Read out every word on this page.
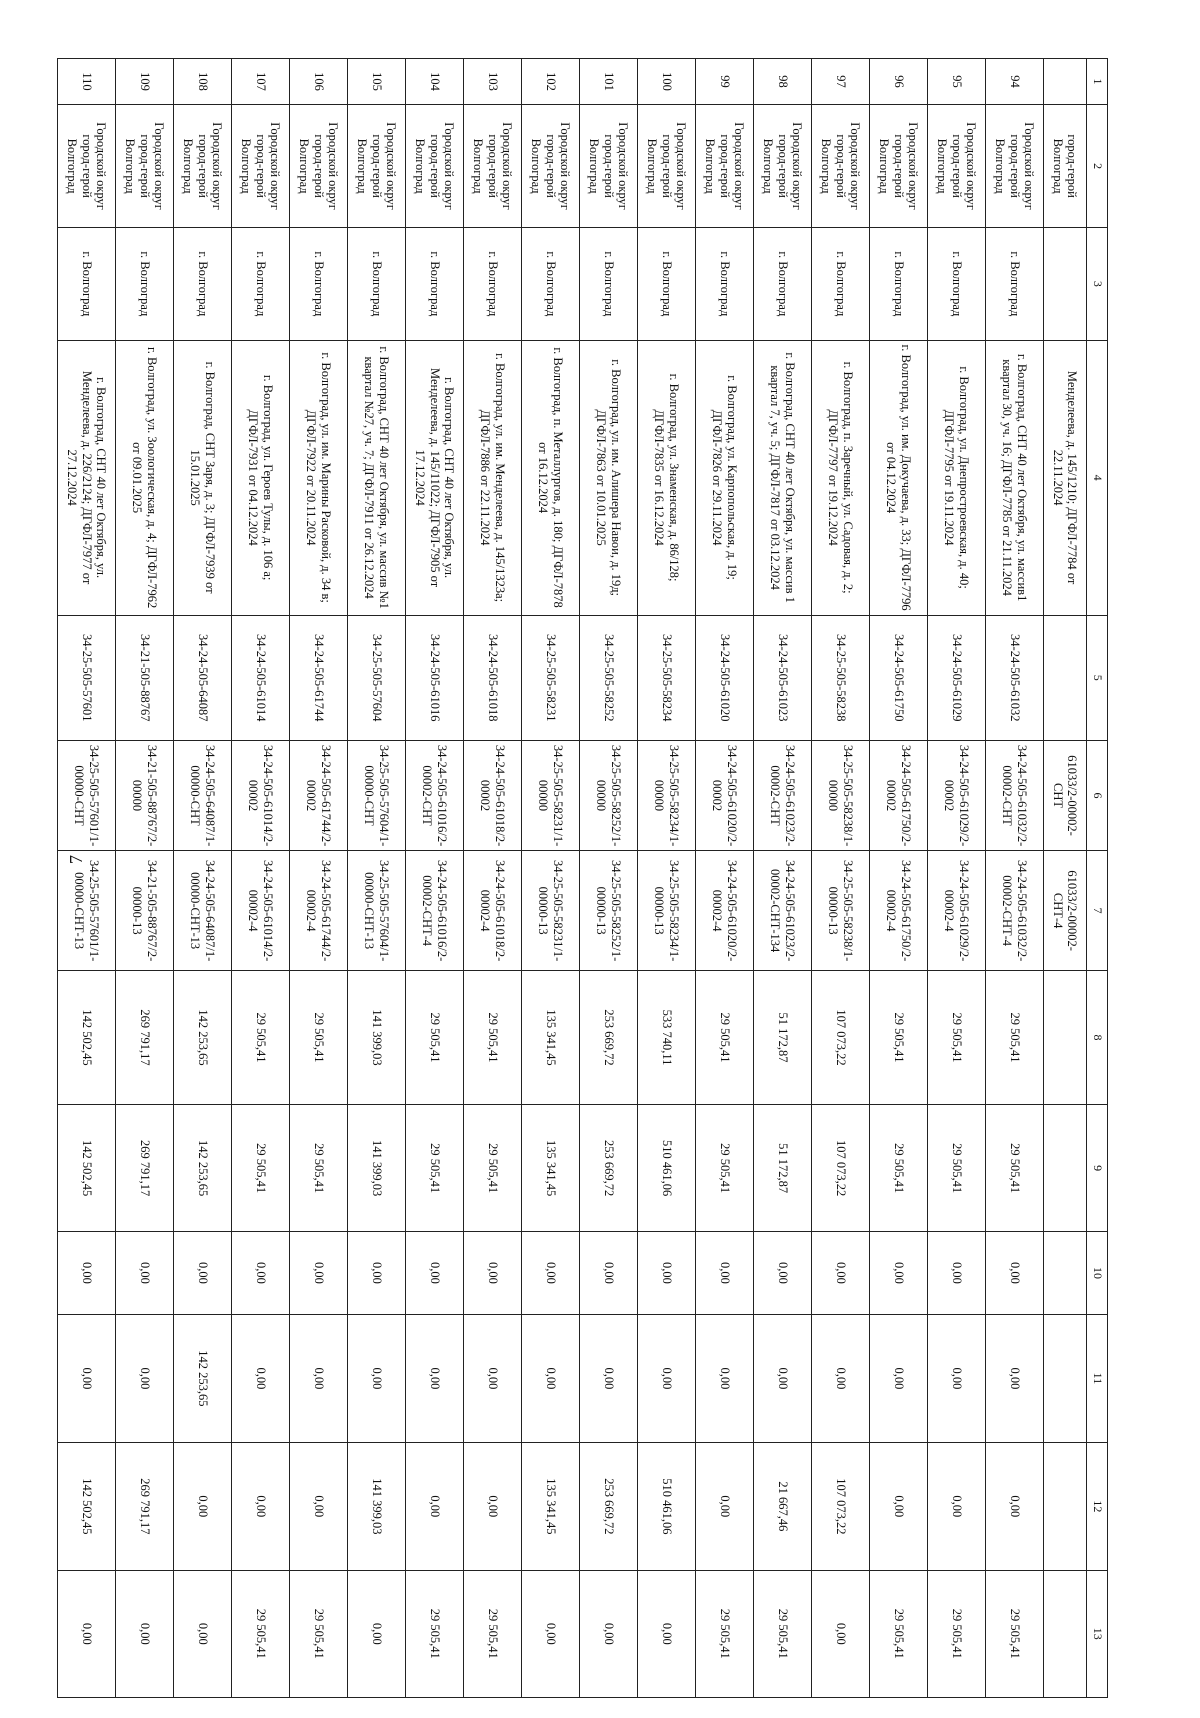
7
1	2	3	4	5	6	7	8	9	10	11	12	13
	город-герой Волгоград		Менделеева, д. 145/1210; ДГФЛ-7784 от 22.11.2024		61033/2-00002-СНТ	61033/2-00002-СНТ-4						
94	Городской округ город-герой Волгоград	г. Волгоград	г. Волгоград, СНТ 40 лет Октября, ул. массив1 квартал 30, уч. 16; ДГФЛ-7785 от 21.11.2024	34-24-505-61032	34-24-505-61032/2-00002-СНТ	34-24-505-61032/2-00002-СНТ-4	29 505,41	29 505,41	0,00	0,00	0,00	29 505,41
95	Городской округ город-герой Волгоград	г. Волгоград	г. Волгоград, ул. Днепростроевская, д. 40; ДГФЛ-7795 от 19.11.2024	34-24-505-61029	34-24-505-61029/2-00002	34-24-505-61029/2-00002-4	29 505,41	29 505,41	0,00	0,00	0,00	29 505,41
96	Городской округ город-герой Волгоград	г. Волгоград	г. Волгоград, ул. им. Докучаева, д. 33; ДГФЛ-7796 от 04.12.2024	34-24-505-61750	34-24-505-61750/2-00002	34-24-505-61750/2-00002-4	29 505,41	29 505,41	0,00	0,00	0,00	29 505,41
97	Городской округ город-герой Волгоград	г. Волгоград	г. Волгоград, п. Заречный, ул. Садовая, д. 2; ДГФЛ-7797 от 19.12.2024	34-25-505-58238	34-25-505-58238/1-00000	34-25-505-58238/1-00000-13	107 073,22	107 073,22	0,00	0,00	107 073,22	0,00
98	Городской округ город-герой Волгоград	г. Волгоград	г. Волгоград, СНТ 40 лет Октября, ул. массив 1 квартал 7, уч. 5; ДГФЛ-7817 от 03.12.2024	34-24-505-61023	34-24-505-61023/2-00002-СНТ	34-24-505-61023/2-00002-СНТ-134	51 172,87	51 172,87	0,00	0,00	21 667,46	29 505,41
99	Городской округ город-герой Волгоград	г. Волгоград	г. Волгоград, ул. Карпопольская, д. 19; ДГФЛ-7826 от 29.11.2024	34-24-505-61020	34-24-505-61020/2-00002	34-24-505-61020/2-00002-4	29 505,41	29 505,41	0,00	0,00	0,00	29 505,41
100	Городской округ город-герой Волгоград	г. Волгоград	г. Волгоград, ул. Знаменская, д. 86/128; ДГФЛ-7835 от 16.12.2024	34-25-505-58234	34-25-505-58234/1-00000	34-25-505-58234/1-00000-13	533 740,11	510 461,06	0,00	0,00	510 461,06	0,00
101	Городской округ город-герой Волгоград	г. Волгоград	г. Волгоград, ул. им. Алишера Навои, д. 19д; ДГФЛ-7863 от 10.01.2025	34-25-505-58252	34-25-505-58252/1-00000	34-25-505-58252/1-00000-13	253 669,72	253 669,72	0,00	0,00	253 669,72	0,00
102	Городской округ город-герой Волгоград	г. Волгоград	г. Волгоград, п. Металлургов, д. 180; ДГФЛ-7878 от 16.12.2024	34-25-505-58231	34-25-505-58231/1-00000	34-25-505-58231/1-00000-13	135 341,45	135 341,45	0,00	0,00	135 341,45	0,00
103	Городской округ город-герой Волгоград	г. Волгоград	г. Волгоград, ул. им. Менделеева, д. 145/1323а; ДГФЛ-7886 от 22.11.2024	34-24-505-61018	34-24-505-61018/2-00002	34-24-505-61018/2-00002-4	29 505,41	29 505,41	0,00	0,00	0,00	29 505,41
104	Городской округ город-герой Волгоград	г. Волгоград	г. Волгоград, СНТ 40 лет Октября, ул. Менделеева, д. 145/11022; ДГФЛ-7905 от 17.12.2024	34-24-505-61016	34-24-505-61016/2-00002-СНТ	34-24-505-61016/2-00002-СНТ-4	29 505,41	29 505,41	0,00	0,00	0,00	29 505,41
105	Городской округ город-герой Волгоград	г. Волгоград	г. Волгоград, СНТ 40 лет Октября, ул. массив №1 квартал №27, уч. 7; ДГФЛ-7911 от 26.12.2024	34-25-505-57604	34-25-505-57604/1-00000-СНТ	34-25-505-57604/1-00000-СНТ-13	141 399,03	141 399,03	0,00	0,00	141 399,03	0,00
106	Городской округ город-герой Волгоград	г. Волгоград	г. Волгоград, ул. им. Марины Расковой, д. 34 в; ДГФЛ-7922 от 20.11.2024	34-24-505-61744	34-24-505-61744/2-00002	34-24-505-61744/2-00002-4	29 505,41	29 505,41	0,00	0,00	0,00	29 505,41
107	Городской округ город-герой Волгоград	г. Волгоград	г. Волгоград, ул. Героев Тулы, д. 106 а; ДГФЛ-7931 от 04.12.2024	34-24-505-61014	34-24-505-61014/2-00002	34-24-505-61014/2-00002-4	29 505,41	29 505,41	0,00	0,00	0,00	29 505,41
108	Городской округ город-герой Волгоград	г. Волгоград	г. Волгоград, СНТ Заря, д. 3; ДГФЛ-7939 от 15.01.2025	34-24-505-64087	34-24-505-64087/1-00000-СНТ	34-24-505-64087/1-00000-СНТ-13	142 253,65	142 253,65	0,00	142 253,65	0,00	0,00
109	Городской округ город-герой Волгоград	г. Волгоград	г. Волгоград, ул. Зоологическая, д. 4; ДГФЛ-7962 от 09.01.2025	34-21-505-88767	34-21-505-88767/2-00000	34-21-505-88767/2-00000-13	269 791,17	269 791,17	0,00	0,00	269 791,17	0,00
110	Городской округ город-герой Волгоград	г. Волгоград	г. Волгоград, СНТ 40 лет Октября, ул. Менделеева, д. 226/2124; ДГФЛ-7977 от 27.12.2024	34-25-505-57601	34-25-505-57601/1-00000-СНТ	34-25-505-57601/1-00000-СНТ-13	142 502,45	142 502,45	0,00	0,00	142 502,45	0,00
